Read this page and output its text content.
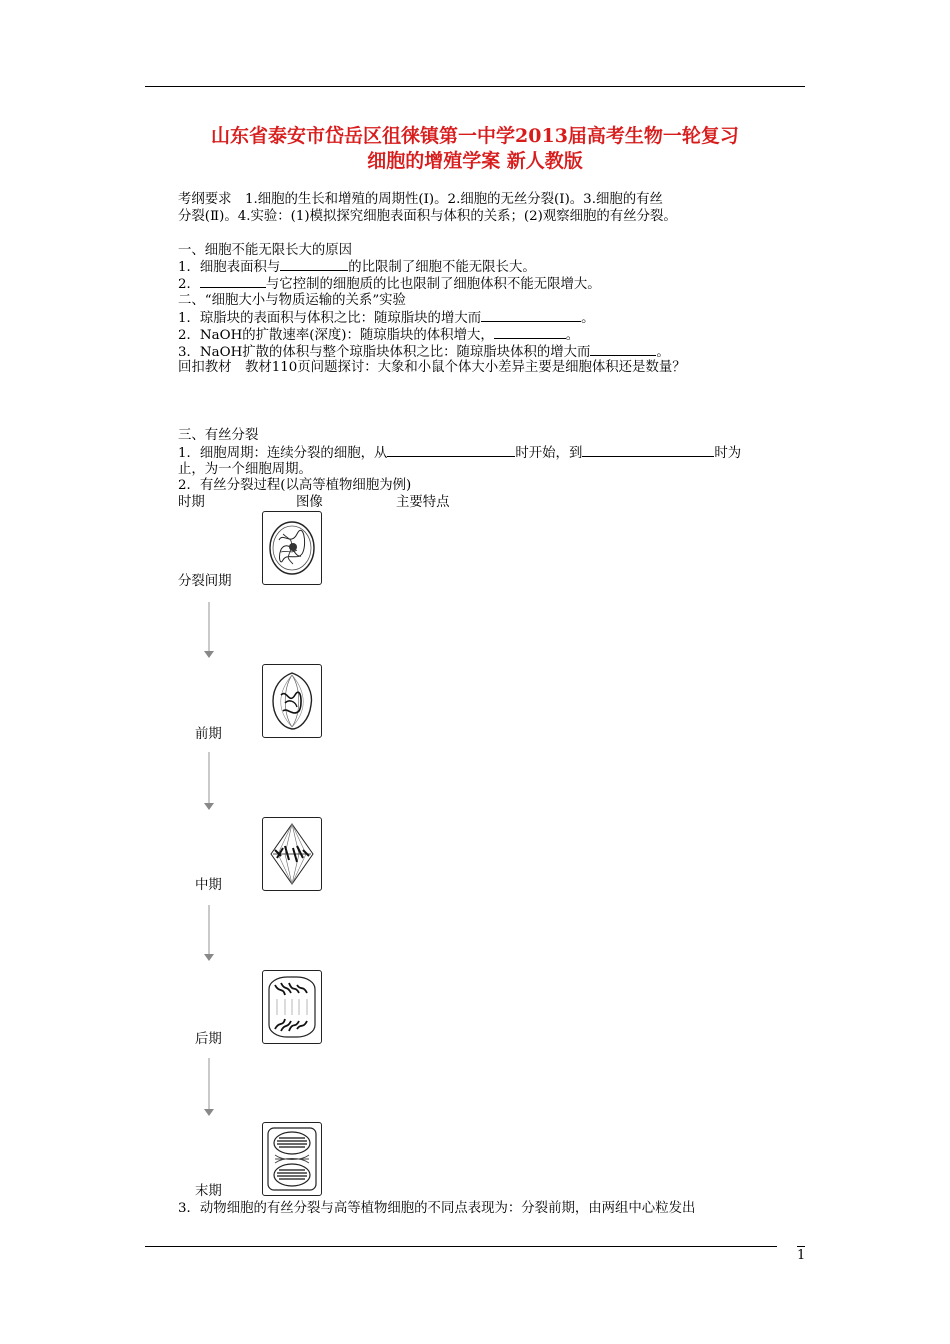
山东省泰安市岱岳区徂徕镇第一中学2013届高考生物一轮复习
细胞的增殖学案 新人教版
考纲要求　1.细胞的生长和增殖的周期性(Ⅰ)。2.细胞的无丝分裂(Ⅰ)。3.细胞的有丝
分裂(Ⅱ)。4.实验：(1)模拟探究细胞表面积与体积的关系；(2)观察细胞的有丝分裂。
一、细胞不能无限长大的原因
1．细胞表面积与	的比限制了细胞不能无限长大。
2．	与它控制的细胞质的比也限制了细胞体积不能无限增大。
二、“细胞大小与物质运输的关系”实验
1．琼脂块的表面积与体积之比：随琼脂块的增大而	。
2．NaOH的扩散速率(深度)：随琼脂块的体积增大，	。
3．NaOH扩散的体积与整个琼脂块体积之比：随琼脂块体积的增大而	。
回扣教材　教材110页问题探讨：大象和小鼠个体大小差异主要是细胞体积还是数量？
三、有丝分裂
1．细胞周期：连续分裂的细胞，从	时开始，到	时为
止，为一个细胞周期。
2．有丝分裂过程(以高等植物细胞为例)
时期	图像	主要特点
分裂间期
前期
中期
后期
末期
3．动物细胞的有丝分裂与高等植物细胞的不同点表现为：分裂前期，由两组中心粒发出
1
